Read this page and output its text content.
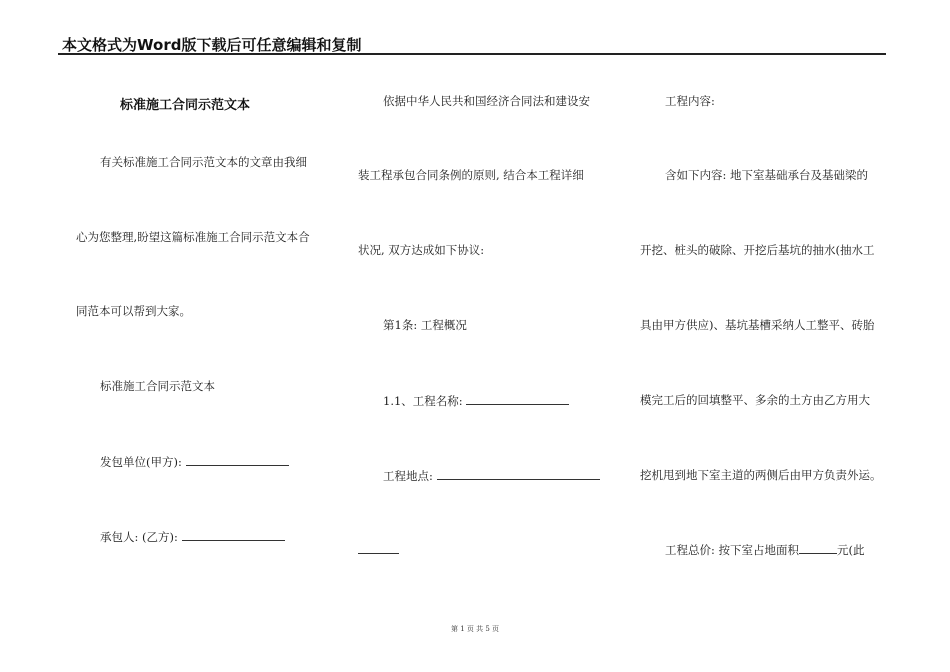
本文格式为Word版下载后可任意编辑和复制
标准施工合同示范文本
有关标准施工合同示范文本的文章由我细
心为您整理,盼望这篇标准施工合同示范文本合
同范本可以帮到大家。
标准施工合同示范文本
发包单位(甲方):
承包人: (乙方):
依据中华人民共和国经济合同法和建设安
装工程承包合同条例的原则, 结合本工程详细
状况, 双方达成如下协议:
第1条: 工程概况
1.1、工程名称:
工程地点:
工程内容:
含如下内容: 地下室基础承台及基础梁的
开挖、桩头的破除、开挖后基坑的抽水(抽水工
具由甲方供应)、基坑基槽采纳人工整平、砖胎
模完工后的回填整平、多余的土方由乙方用大
挖机甩到地下室主道的两侧后由甲方负责外运。
工程总价: 按下室占地面积	元(此
第 1 页 共 5 页
